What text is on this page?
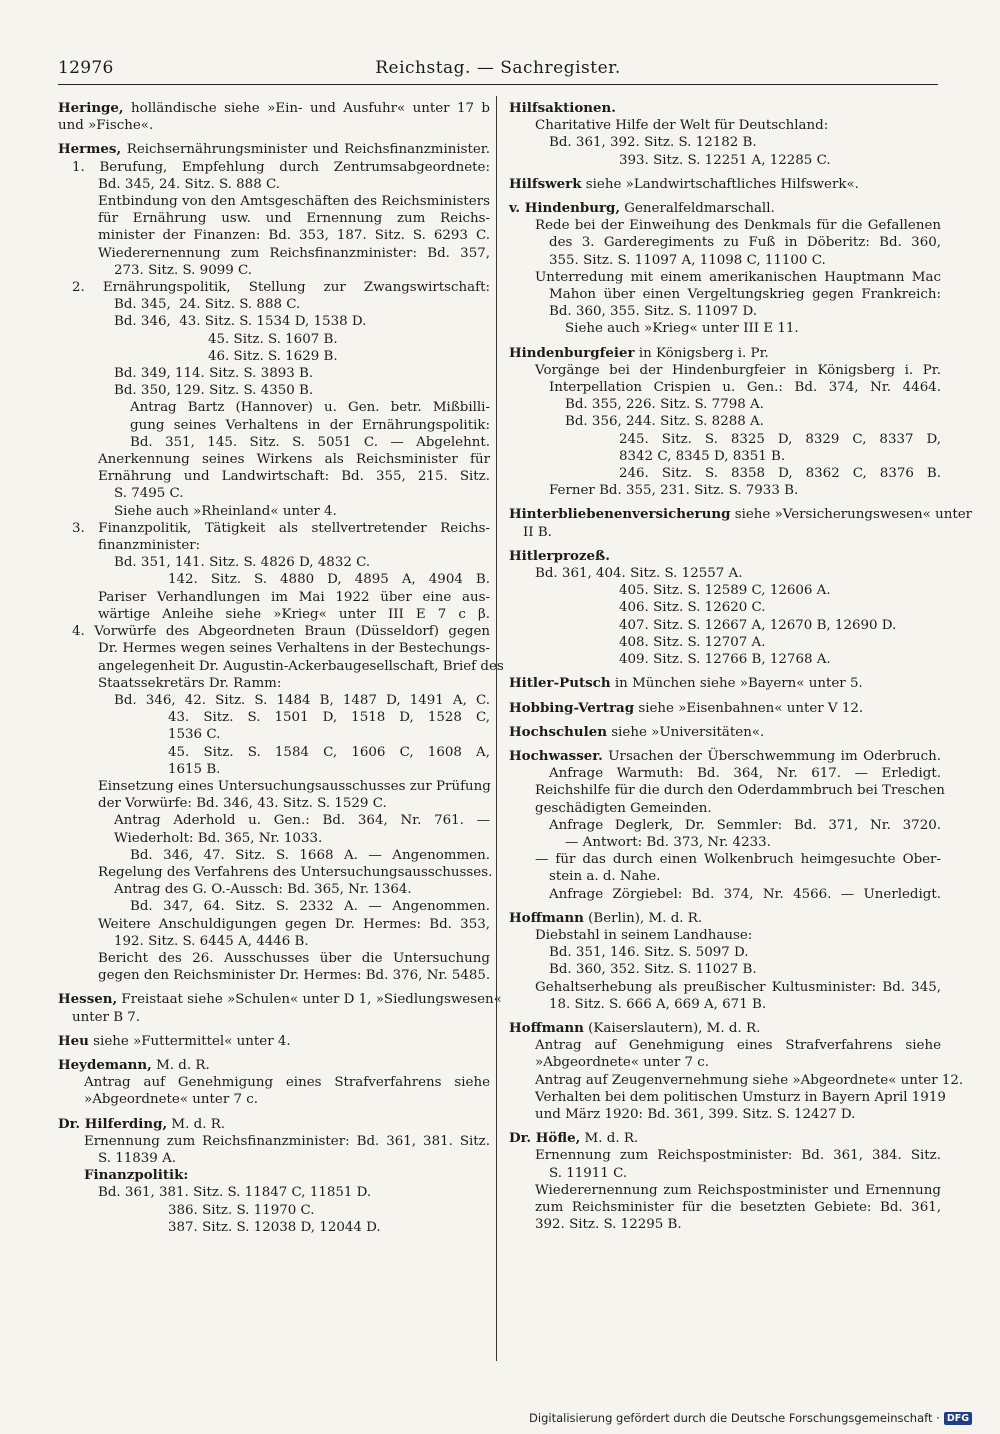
12976	Reichstag. — Sachregister.
Heringe, holländische siehe »Ein- und Ausfuhr« unter 17 b
und »Fische«.
Hermes, Reichsernährungsminister und Reichsfinanzminister.
1. Berufung, Empfehlung durch Zentrumsabgeordnete:
Bd. 345, 24. Sitz. S. 888 C.
Entbindung von den Amtsgeschäften des Reichsministers
für Ernährung usw. und Ernennung zum Reichs-
minister der Finanzen: Bd. 353, 187. Sitz. S. 6293 C.
Wiederernennung zum Reichsfinanzminister: Bd. 357,
273. Sitz. S. 9099 C.
2. Ernährungspolitik, Stellung zur Zwangswirtschaft:
Bd. 345,  24. Sitz. S. 888 C.
Bd. 346,  43. Sitz. S. 1534 D, 1538 D.
45. Sitz. S. 1607 B.
46. Sitz. S. 1629 B.
Bd. 349, 114. Sitz. S. 3893 B.
Bd. 350, 129. Sitz. S. 4350 B.
Antrag Bartz (Hannover) u. Gen. betr. Mißbilli-
gung seines Verhaltens in der Ernährungspolitik:
Bd. 351, 145. Sitz. S. 5051 C. — Abgelehnt.
Anerkennung seines Wirkens als Reichsminister für
Ernährung und Landwirtschaft: Bd. 355, 215. Sitz.
S. 7495 C.
Siehe auch »Rheinland« unter 4.
3. Finanzpolitik, Tätigkeit als stellvertretender Reichs-
finanzminister:
Bd. 351, 141. Sitz. S. 4826 D, 4832 C.
142. Sitz. S. 4880 D, 4895 A, 4904 B.
Pariser Verhandlungen im Mai 1922 über eine aus-
wärtige Anleihe siehe »Krieg« unter III E 7 c β.
4. Vorwürfe des Abgeordneten Braun (Düsseldorf) gegen
Dr. Hermes wegen seines Verhaltens in der Bestechungs-
angelegenheit Dr. Augustin-Ackerbaugesellschaft, Brief des
Staatssekretärs Dr. Ramm:
Bd. 346, 42. Sitz. S. 1484 B, 1487 D, 1491 A, C.
43. Sitz. S. 1501 D, 1518 D, 1528 C,
1536 C.
45. Sitz. S. 1584 C, 1606 C, 1608 A,
1615 B.
Einsetzung eines Untersuchungsausschusses zur Prüfung
der Vorwürfe: Bd. 346, 43. Sitz. S. 1529 C.
Antrag Aderhold u. Gen.: Bd. 364, Nr. 761. —
Wiederholt: Bd. 365, Nr. 1033.
Bd. 346, 47. Sitz. S. 1668 A. — Angenommen.
Regelung des Verfahrens des Untersuchungsausschusses.
Antrag des G. O.-Aussch: Bd. 365, Nr. 1364.
Bd. 347, 64. Sitz. S. 2332 A. — Angenommen.
Weitere Anschuldigungen gegen Dr. Hermes: Bd. 353,
192. Sitz. S. 6445 A, 4446 B.
Bericht des 26. Ausschusses über die Untersuchung
gegen den Reichsminister Dr. Hermes: Bd. 376, Nr. 5485.
Hessen, Freistaat siehe »Schulen« unter D 1, »Siedlungswesen«
unter B 7.
Heu siehe »Futtermittel« unter 4.
Heydemann, M. d. R.
Antrag auf Genehmigung eines Strafverfahrens siehe
»Abgeordnete« unter 7 c.
Dr. Hilferding, M. d. R.
Ernennung zum Reichsfinanzminister: Bd. 361, 381. Sitz.
S. 11839 A.
Finanzpolitik:
Bd. 361, 381. Sitz. S. 11847 C, 11851 D.
386. Sitz. S. 11970 C.
387. Sitz. S. 12038 D, 12044 D.
Hilfsaktionen.
Charitative Hilfe der Welt für Deutschland:
Bd. 361, 392. Sitz. S. 12182 B.
393. Sitz. S. 12251 A, 12285 C.
Hilfswerk siehe »Landwirtschaftliches Hilfswerk«.
v. Hindenburg, Generalfeldmarschall.
Rede bei der Einweihung des Denkmals für die Gefallenen
des 3. Garderegiments zu Fuß in Döberitz: Bd. 360,
355. Sitz. S. 11097 A, 11098 C, 11100 C.
Unterredung mit einem amerikanischen Hauptmann Mac
Mahon über einen Vergeltungskrieg gegen Frankreich:
Bd. 360, 355. Sitz. S. 11097 D.
Siehe auch »Krieg« unter III E 11.
Hindenburgfeier in Königsberg i. Pr.
Vorgänge bei der Hindenburgfeier in Königsberg i. Pr.
Interpellation Crispien u. Gen.: Bd. 374, Nr. 4464.
Bd. 355, 226. Sitz. S. 7798 A.
Bd. 356, 244. Sitz. S. 8288 A.
245. Sitz. S. 8325 D, 8329 C, 8337 D,
8342 C, 8345 D, 8351 B.
246. Sitz. S. 8358 D, 8362 C, 8376 B.
Ferner Bd. 355, 231. Sitz. S. 7933 B.
Hinterbliebenenversicherung siehe »Versicherungswesen« unter
II B.
Hitlerprozeß.
Bd. 361, 404. Sitz. S. 12557 A.
405. Sitz. S. 12589 C, 12606 A.
406. Sitz. S. 12620 C.
407. Sitz. S. 12667 A, 12670 B, 12690 D.
408. Sitz. S. 12707 A.
409. Sitz. S. 12766 B, 12768 A.
Hitler-Putsch in München siehe »Bayern« unter 5.
Hobbing-Vertrag siehe »Eisenbahnen« unter V 12.
Hochschulen siehe »Universitäten«.
Hochwasser. Ursachen der Überschwemmung im Oderbruch.
Anfrage Warmuth: Bd. 364, Nr. 617. — Erledigt.
Reichshilfe für die durch den Oderdammbruch bei Treschen
geschädigten Gemeinden.
Anfrage Deglerk, Dr. Semmler: Bd. 371, Nr. 3720.
— Antwort: Bd. 373, Nr. 4233.
— für das durch einen Wolkenbruch heimgesuchte Ober-
stein a. d. Nahe.
Anfrage Zörgiebel: Bd. 374, Nr. 4566. — Unerledigt.
Hoffmann (Berlin), M. d. R.
Diebstahl in seinem Landhause:
Bd. 351, 146. Sitz. S. 5097 D.
Bd. 360, 352. Sitz. S. 11027 B.
Gehaltserhebung als preußischer Kultusminister: Bd. 345,
18. Sitz. S. 666 A, 669 A, 671 B.
Hoffmann (Kaiserslautern), M. d. R.
Antrag auf Genehmigung eines Strafverfahrens siehe
»Abgeordnete« unter 7 c.
Antrag auf Zeugenvernehmung siehe »Abgeordnete« unter 12.
Verhalten bei dem politischen Umsturz in Bayern April 1919
und März 1920: Bd. 361, 399. Sitz. S. 12427 D.
Dr. Höfle, M. d. R.
Ernennung zum Reichspostminister: Bd. 361, 384. Sitz.
S. 11911 C.
Wiederernennung zum Reichspostminister und Ernennung
zum Reichsminister für die besetzten Gebiete: Bd. 361,
392. Sitz. S. 12295 B.
Digitalisierung gefördert durch die Deutsche Forschungsgemeinschaft · DFG
